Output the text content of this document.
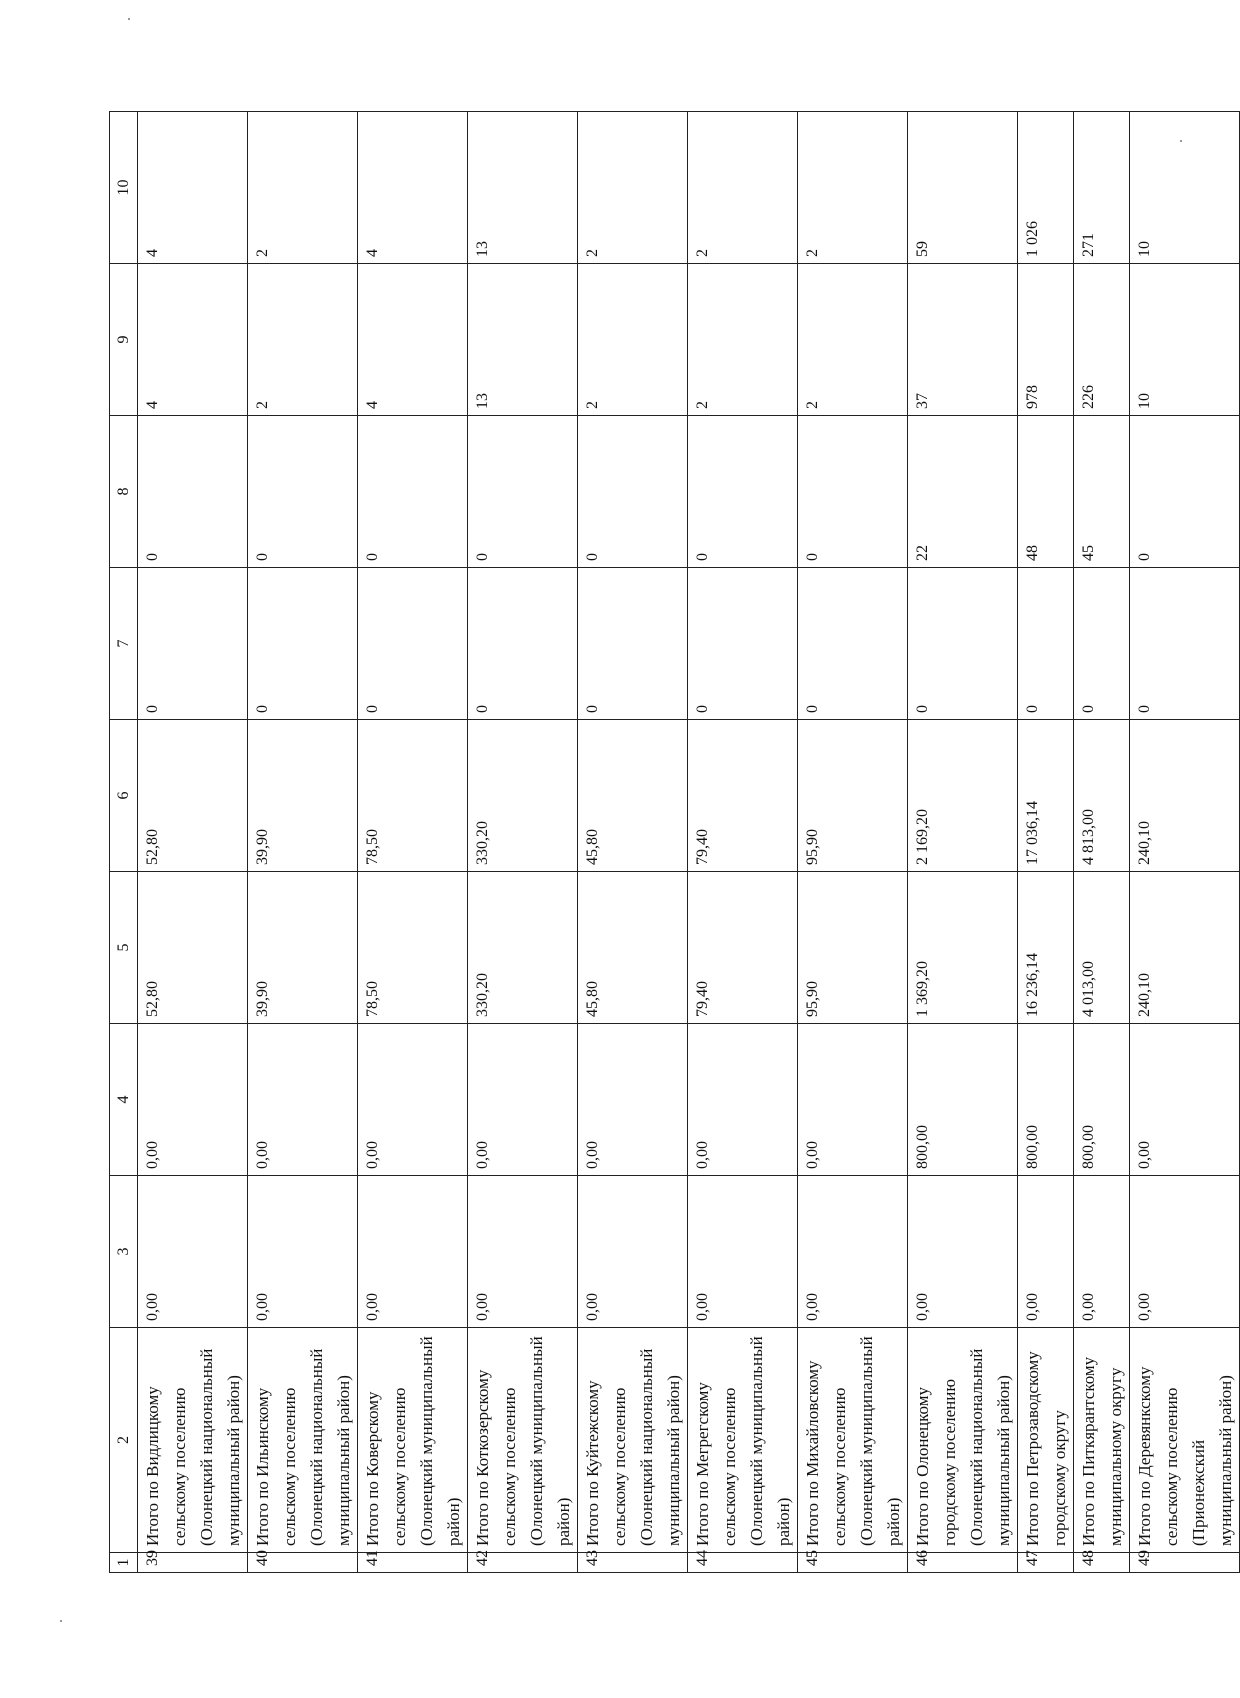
1	2	3	4	5	6	7	8	9	10
39	Итого по Видлицкому сельскому поселению (Олонецкий национальный муниципальный район)	0,00	0,00	52,80	52,80	0	0	4	4
40	Итого по Ильинскому сельскому поселению (Олонецкий национальный муниципальный район)	0,00	0,00	39,90	39,90	0	0	2	2
41	Итого по Коверскому сельскому поселению (Олонецкий муниципальный район)	0,00	0,00	78,50	78,50	0	0	4	4
42	Итого по Коткозерскому сельскому поселению (Олонецкий муниципальный район)	0,00	0,00	330,20	330,20	0	0	13	13
43	Итого по Куйтежскому сельскому поселению (Олонецкий национальный муниципальный район)	0,00	0,00	45,80	45,80	0	0	2	2
44	Итого по Мегрегскому сельскому поселению (Олонецкий муниципальный район)	0,00	0,00	79,40	79,40	0	0	2	2
45	Итого по Михайловскому сельскому поселению (Олонецкий муниципальный район)	0,00	0,00	95,90	95,90	0	0	2	2
46	Итого по Олонецкому городскому поселению (Олонецкий национальный муниципальный район)	0,00	800,00	1 369,20	2 169,20	0	22	37	59
47	Итого по Петрозаводскому городскому округу	0,00	800,00	16 236,14	17 036,14	0	48	978	1 026
48	Итого по Питкярантскому муниципальному округу	0,00	800,00	4 013,00	4 813,00	0	45	226	271
49	Итого по Деревянкскому сельскому поселению (Прионежский муниципальный район)	0,00	0,00	240,10	240,10	0	0	10	10
